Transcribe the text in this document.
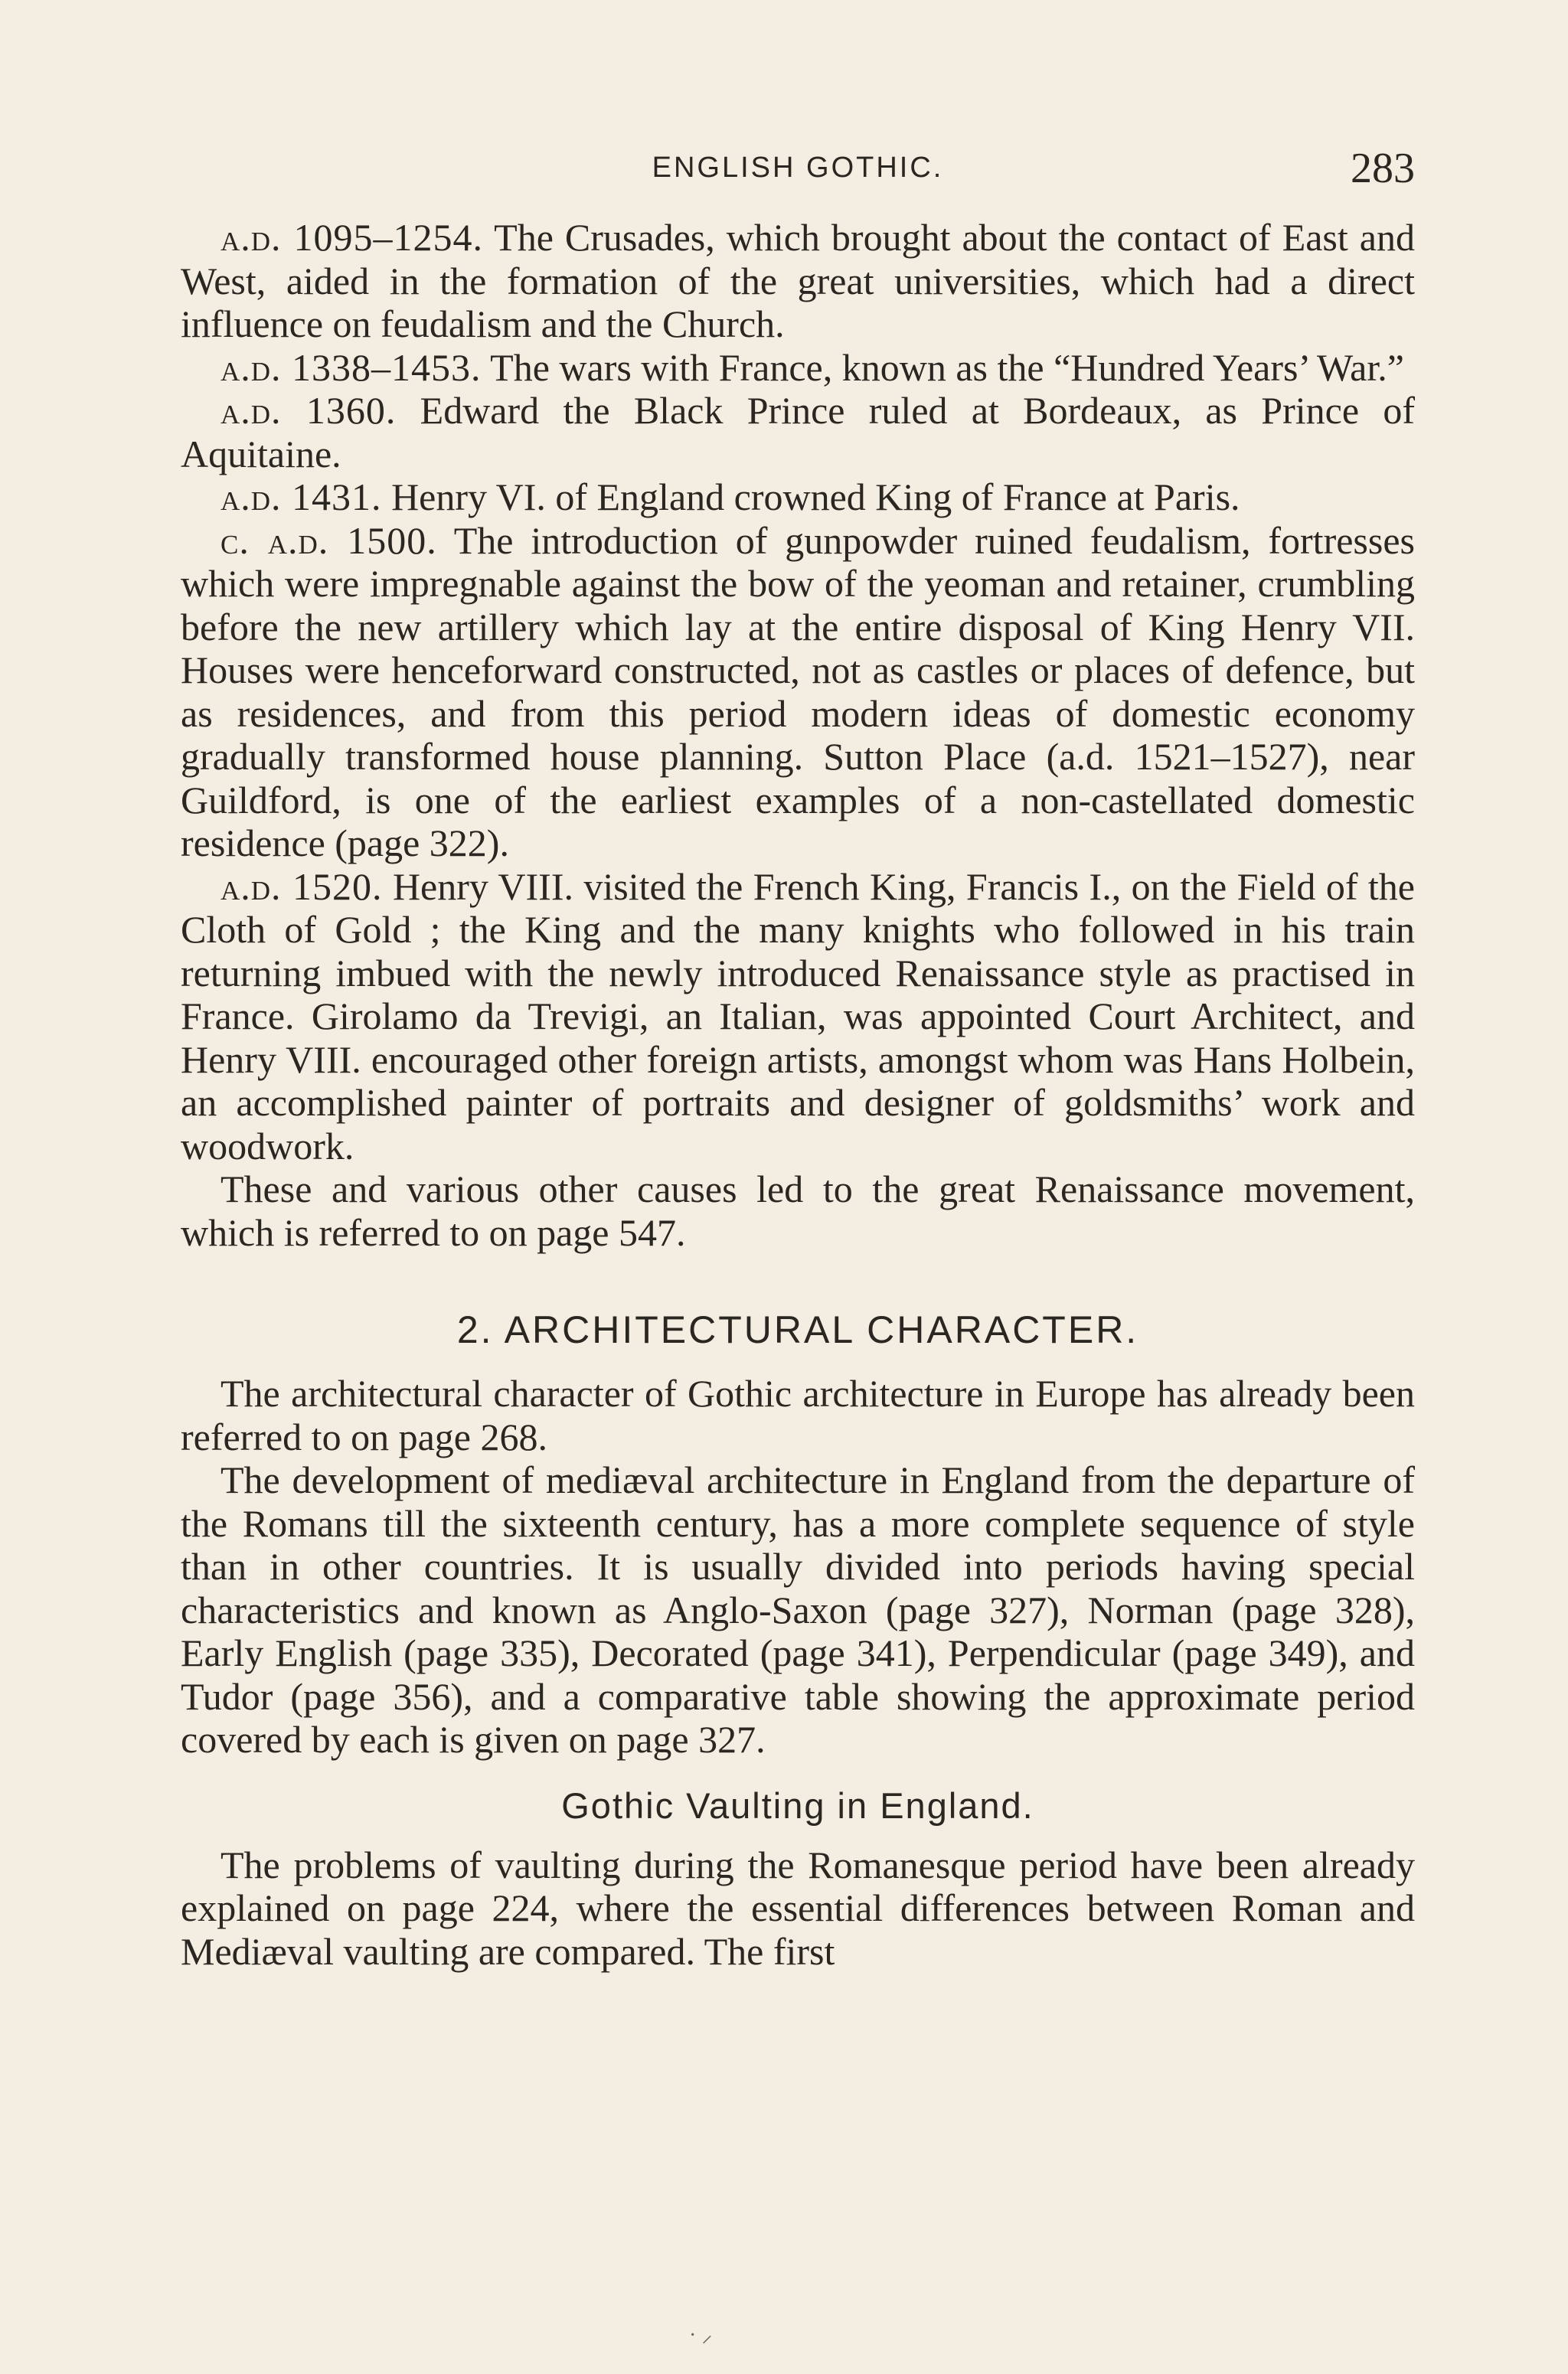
ENGLISH GOTHIC.	283

a.d. 1095–1254. The Crusades, which brought about the contact of East and West, aided in the formation of the great universities, which had a direct influence on feudalism and the Church.

a.d. 1338–1453. The wars with France, known as the “Hundred Years’ War.”

a.d. 1360. Edward the Black Prince ruled at Bordeaux, as Prince of Aquitaine.

a.d. 1431. Henry VI. of England crowned King of France at Paris.

c. a.d. 1500. The introduction of gunpowder ruined feudalism, fortresses which were impregnable against the bow of the yeoman and retainer, crumbling before the new artillery which lay at the entire disposal of King Henry VII. Houses were henceforward constructed, not as castles or places of defence, but as residences, and from this period modern ideas of domestic economy gradually transformed house planning. Sutton Place (a.d. 1521–1527), near Guildford, is one of the earliest examples of a non-castellated domestic residence (page 322).

a.d. 1520. Henry VIII. visited the French King, Francis I., on the Field of the Cloth of Gold ; the King and the many knights who followed in his train returning imbued with the newly introduced Renaissance style as practised in France. Girolamo da Trevigi, an Italian, was appointed Court Architect, and Henry VIII. encouraged other foreign artists, amongst whom was Hans Holbein, an accomplished painter of portraits and designer of goldsmiths’ work and woodwork.

These and various other causes led to the great Renaissance movement, which is referred to on page 547.

2. ARCHITECTURAL CHARACTER.

The architectural character of Gothic architecture in Europe has already been referred to on page 268.

The development of mediæval architecture in England from the departure of the Romans till the sixteenth century, has a more complete sequence of style than in other countries. It is usually divided into periods having special characteristics and known as Anglo-Saxon (page 327), Norman (page 328), Early English (page 335), Decorated (page 341), Perpendicular (page 349), and Tudor (page 356), and a comparative table showing the approximate period covered by each is given on page 327.

Gothic Vaulting in England.

The problems of vaulting during the Romanesque period have been already explained on page 224, where the essential differences between Roman and Mediæval vaulting are compared. The first

· ⸝
